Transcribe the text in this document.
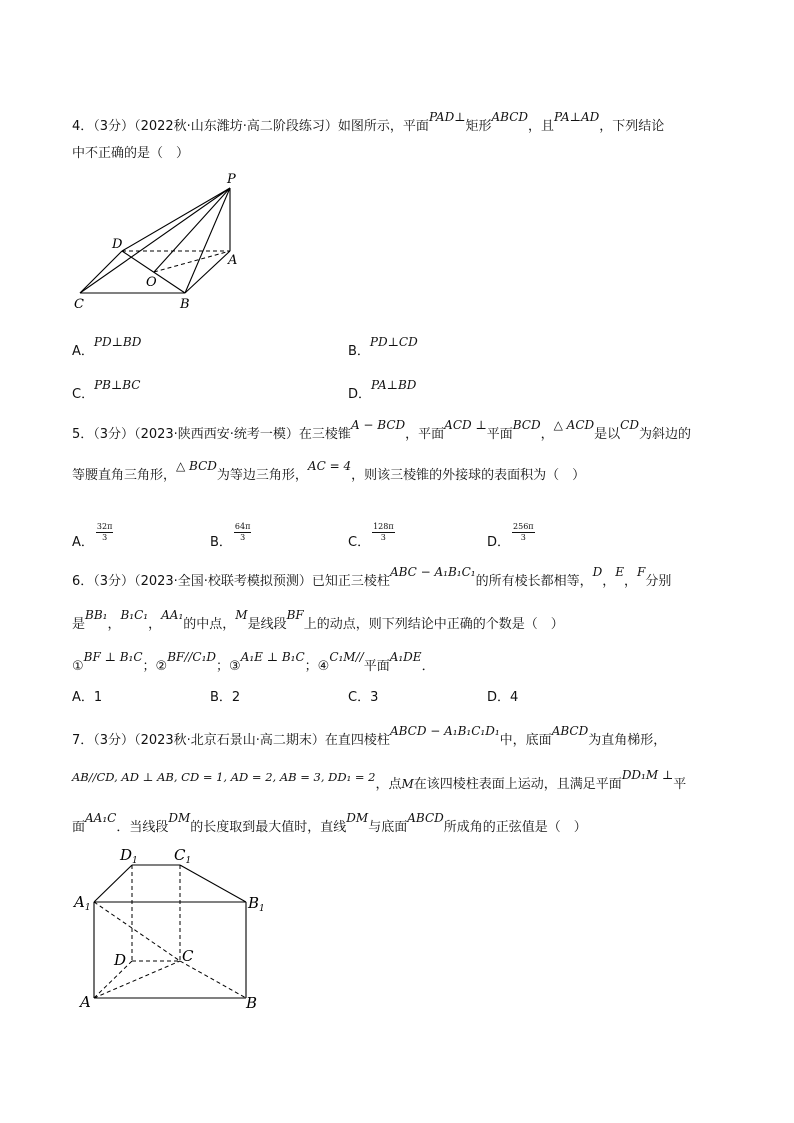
4．（3分）（2022秋·山东潍坊·高二阶段练习）如图所示，平面PAD⊥矩形ABCD，且PA⊥AD，下列结论
中不正确的是（　）
P
D
A
O
C	B
A．PD⊥BD
B．PD⊥CD
C．PB⊥BC
D．PA⊥BD
5．（3分）（2023·陕西西安·统考一模）在三棱锥A − BCD，平面ACD ⊥平面BCD，△ ACD是以CD为斜边的
等腰直角三角形，△ BCD为等边三角形，AC = 4，则该三棱锥的外接球的表面积为（　）
A． $\frac{32\pi}{3}$	B． $\frac{64\pi}{3}$	C． $\frac{128\pi}{3}$	D． $\frac{256\pi}{3}$
6．（3分）（2023·全国·校联考模拟预测）已知正三棱柱ABC − A₁B₁C₁的所有棱长都相等，D，E，F分别
是BB₁，B₁C₁，AA₁的中点，M是线段BF上的动点，则下列结论中正确的个数是（　）
①BF ⊥ B₁C；②BF//C₁D；③A₁E ⊥ B₁C；④C₁M//平面A₁DE．
A．1	B．2	C．3	D．4
7．（3分）（2023秋·北京石景山·高二期末）在直四棱柱ABCD − A₁B₁C₁D₁中，底面ABCD为直角梯形，
AB//CD, AD ⊥ AB, CD = 1, AD = 2, AB = 3, DD₁ = 2，点M在该四棱柱表面上运动，且满足平面DD₁M ⊥平
面AA₁C．当线段DM的长度取到最大值时，直线DM与底面ABCD所成角的正弦值是（　）
$D_1$ $C_1$
$A_1$	$B_1$
D	C
A	B
